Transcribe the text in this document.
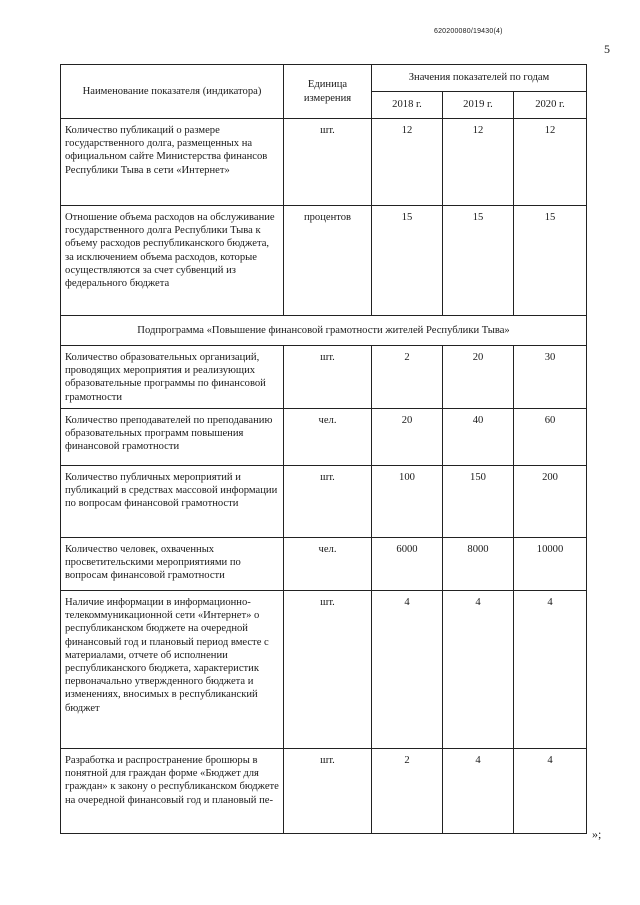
620200080/19430(4)
5
Наименование показателя (индикатора)	Единица измерения	Значения показателей по годам		
		2018 г.	2019 г.	2020 г.
Количество публикаций о размере государственного долга, размещенных на официальном сайте Министерства финансов Республики Тыва в сети «Интернет»	шт.	12	12	12
Отношение объема расходов на обслуживание государственного долга Республики Тыва к объему расходов республиканского бюджета, за исключением объема расходов, которые осуществляются за счет субвенций из федерального бюджета	процентов	15	15	15
Подпрограмма «Повышение финансовой грамотности жителей Республики Тыва»				
Количество образовательных организаций, проводящих мероприятия и реализующих образовательные программы по финансовой грамотности	шт.	2	20	30
Количество преподавателей по преподаванию образовательных программ повышения финансовой грамотности	чел.	20	40	60
Количество публичных мероприятий и публикаций в средствах массовой информации по вопросам финансовой грамотности	шт.	100	150	200
Количество человек, охваченных просветительскими мероприятиями по вопросам финансовой грамотности	чел.	6000	8000	10000
Наличие информации в информационно-телекоммуникационной сети «Интернет» о республиканском бюджете на очередной финансовый год и плановый период вместе с материалами, отчете об исполнении республиканского бюджета, характеристик первоначально утвержденного бюджета и изменениях, вносимых в республиканский бюджет	шт.	4	4	4
Разработка и распространение брошюры в понятной для граждан форме «Бюджет для граждан» к закону о республиканском бюджете на очередной финансовый год и плановый пе-	шт.	2	4	4
»;
